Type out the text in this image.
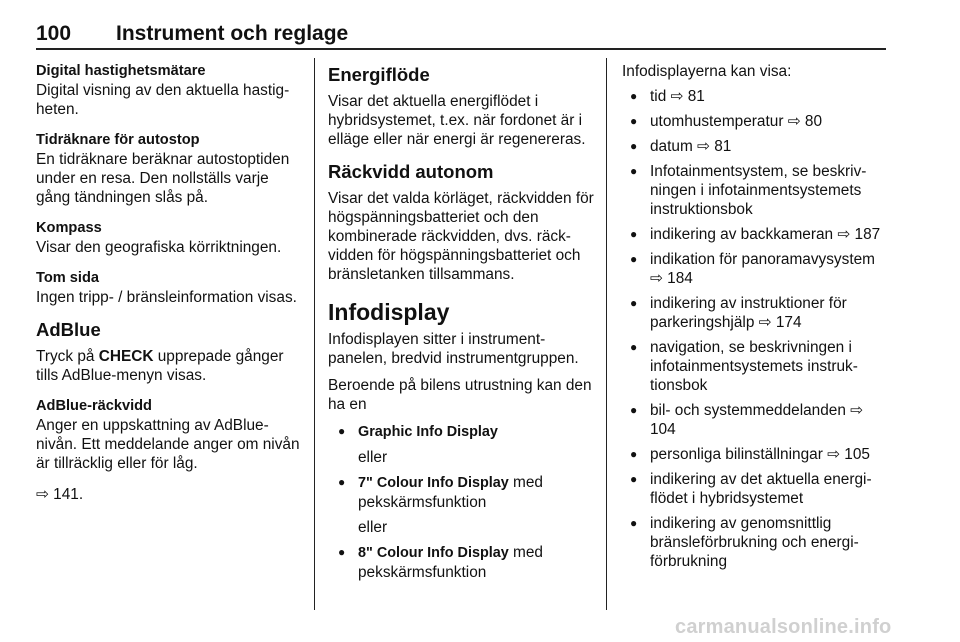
100 Instrument och reglage
Digital hastighetsmätare
Digital visning av den aktuella hastig-heten.
Tidräknare för autostop
En tidräknare beräknar autostoptiden under en resa. Den nollställs varje gång tändningen slås på.
Kompass
Visar den geografiska körriktningen.
Tom sida
Ingen tripp- / bränsleinformation visas.
AdBlue
Tryck på CHECK upprepade gånger tills AdBlue-menyn visas.
AdBlue-räckvidd
Anger en uppskattning av AdBlue-nivån. Ett meddelande anger om nivån är tillräcklig eller för låg.
⇨ 141.
Energiflöde
Visar det aktuella energiflödet i hybridsystemet, t.ex. när fordonet är i elläge eller när energi är regenereras.
Räckvidd autonom
Visar det valda körläget, räckvidden för högspänningsbatteriet och den kombinerade räckvidden, dvs. räck-vidden för högspänningsbatteriet och bränsletanken tillsammans.
Infodisplay
Infodisplayen sitter i instrument-panelen, bredvid instrumentgruppen.
Beroende på bilens utrustning kan den ha en
● Graphic Info Display
eller
● 7" Colour Info Display med pekskärmsfunktion
eller
● 8" Colour Info Display med pekskärmsfunktion
Infodisplayerna kan visa:
● tid ⇨ 81
● utomhustemperatur ⇨ 80
● datum ⇨ 81
● Infotainmentsystem, se beskriv-ningen i infotainmentsystemets instruktionsbok
● indikering av backkameran ⇨ 187
● indikation för panoramavysystem ⇨ 184
● indikering av instruktioner för parkeringshjälp ⇨ 174
● navigation, se beskrivningen i infotainmentsystemets instruk-tionsbok
● bil- och systemmeddelanden ⇨ 104
● personliga bilinställningar ⇨ 105
● indikering av det aktuella energi-flödet i hybridsystemet
● indikering av genomsnittlig bränsleförbrukning och energi-förbrukning
carmanualsonline.info
